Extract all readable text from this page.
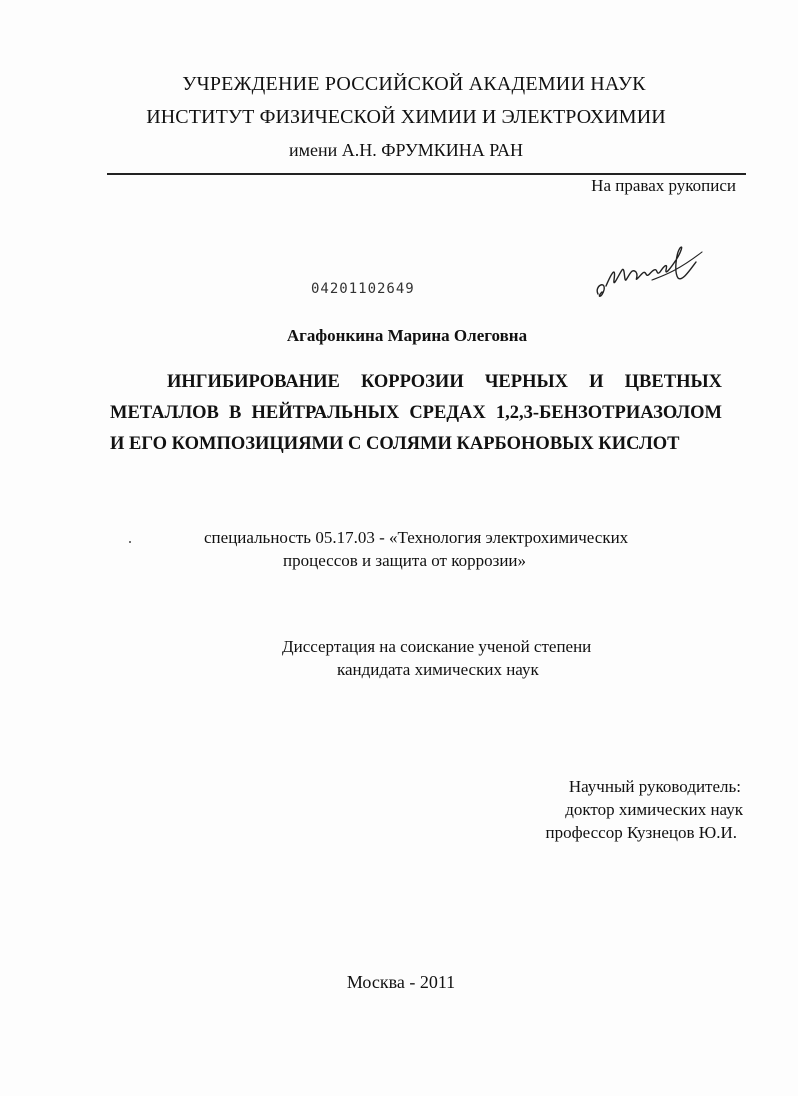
УЧРЕЖДЕНИЕ РОССИЙСКОЙ АКАДЕМИИ НАУК
ИНСТИТУТ ФИЗИЧЕСКОЙ ХИМИИ И ЭЛЕКТРОХИМИИ
имени А.Н. ФРУМКИНА РАН
На правах рукописи
04201102649
Агафонкина Марина Олеговна
ИНГИБИРОВАНИЕ КОРРОЗИИ ЧЕРНЫХ И ЦВЕТНЫХ
МЕТАЛЛОВ В НЕЙТРАЛЬНЫХ СРЕДАХ 1,2,3-БЕНЗОТРИАЗОЛОМ
И ЕГО КОМПОЗИЦИЯМИ С СОЛЯМИ КАРБОНОВЫХ КИСЛОТ
специальность 05.17.03 - «Технология электрохимических
процессов и защита от коррозии»
Диссертация на соискание ученой степени
кандидата химических наук
Научный руководитель:
доктор химических наук
профессор Кузнецов Ю.И.
Москва - 2011
